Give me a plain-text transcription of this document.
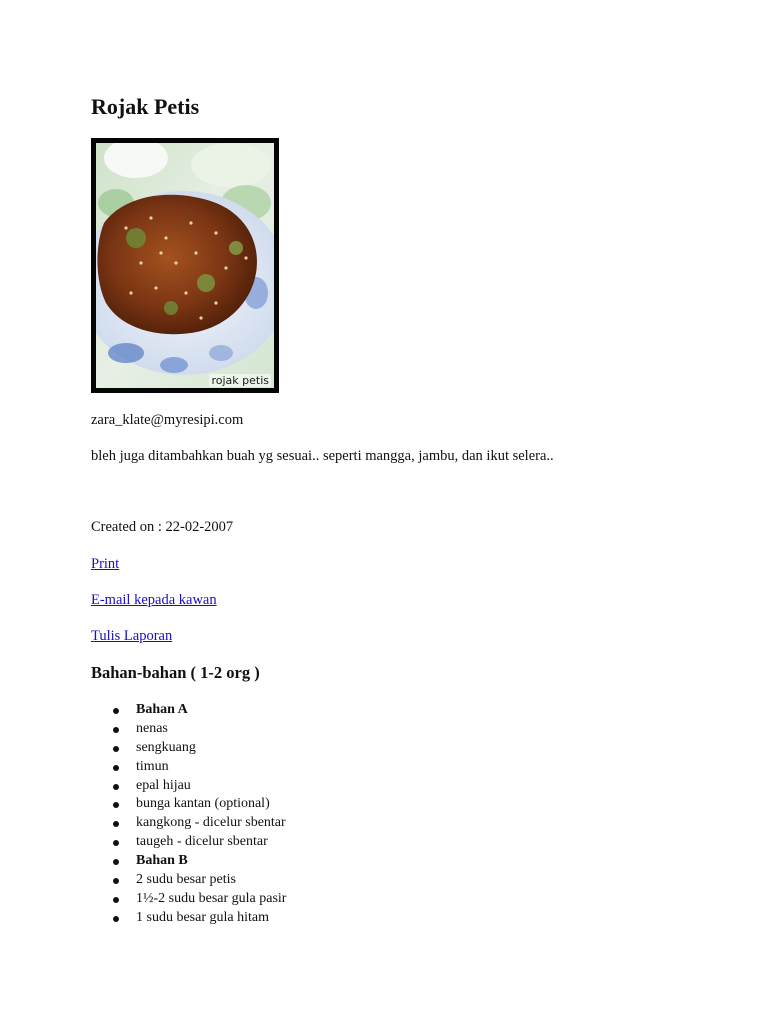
Rojak Petis
rojak petis
zara_klate@myresipi.com
bleh juga ditambahkan buah yg sesuai.. seperti mangga, jambu, dan ikut selera..
Created on : 22-02-2007
Print
E-mail kepada kawan
Tulis Laporan
Bahan-bahan ( 1-2 org )
Bahan A
nenas
sengkuang
timun
epal hijau
bunga kantan (optional)
kangkong - dicelur sbentar
taugeh - dicelur sbentar
Bahan B
2 sudu besar petis
1½-2 sudu besar gula pasir
1 sudu besar gula hitam
